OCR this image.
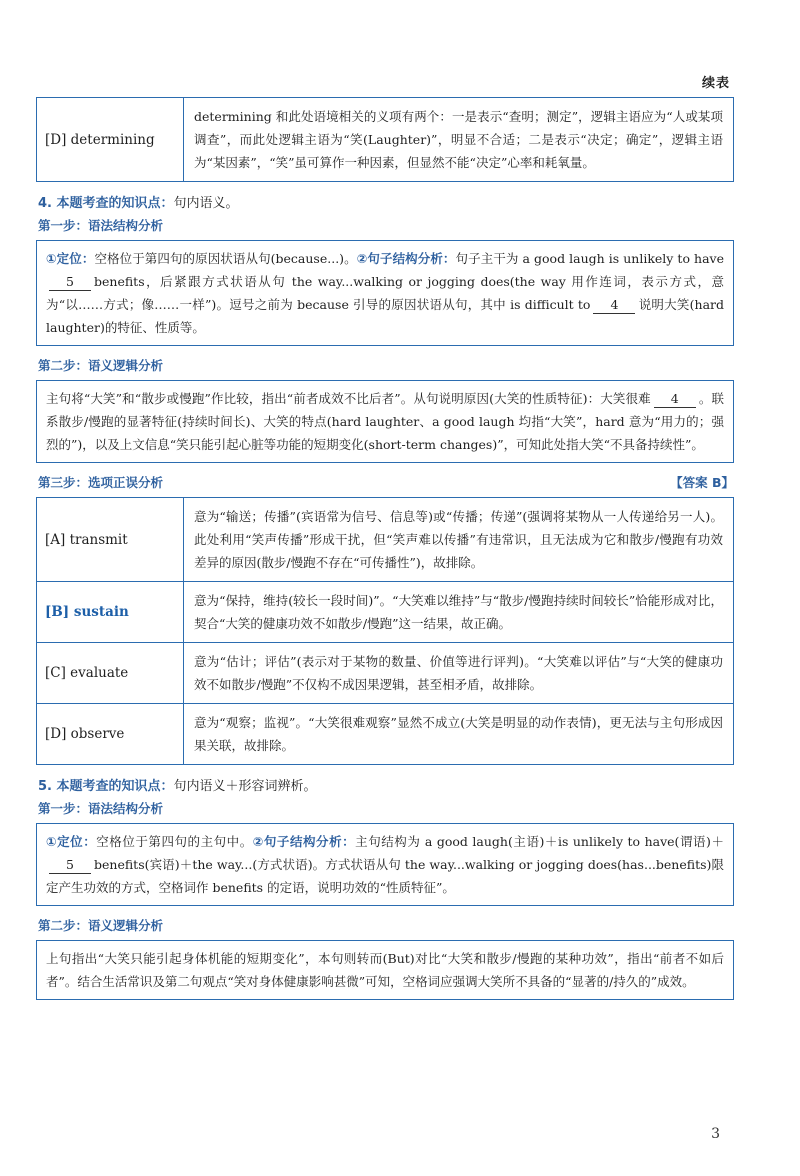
续表
[D] determining	determining 和此处语境相关的义项有两个：一是表示“查明；测定”，逻辑主语应为“人或某项调查”，而此处逻辑主语为“笑(Laughter)”，明显不合适；二是表示“决定；确定”，逻辑主语为“某因素”，“笑”虽可算作一种因素，但显然不能“决定”心率和耗氧量。
4. 本题考查的知识点：句内语义。
第一步：语法结构分析
①定位：空格位于第四句的原因状语从句(because...)。②句子结构分析：句子主干为 a good laugh is unlikely to have5 benefits，后紧跟方式状语从句 the way...walking or jogging does(the way 用作连词，表示方式，意为“以……方式；像……一样”)。逗号之前为 because 引导的原因状语从句，其中 is difficult to 4 说明大笑(hard laughter)的特征、性质等。
第二步：语义逻辑分析
主句将“大笑”和“散步或慢跑”作比较，指出“前者成效不比后者”。从句说明原因(大笑的性质特征)：大笑很难 4 。联系散步/慢跑的显著特征(持续时间长)、大笑的特点(hard laughter、a good laugh 均指“大笑”，hard 意为“用力的；强烈的”)，以及上文信息“笑只能引起心脏等功能的短期变化(short-term changes)”，可知此处指大笑“不具备持续性”。
第三步：选项正误分析	【答案 B】
[A] transmit	意为“输送；传播”(宾语常为信号、信息等)或“传播；传递”(强调将某物从一人传递给另一人)。此处利用“笑声传播”形成干扰，但“笑声难以传播”有违常识，且无法成为它和散步/慢跑有功效差异的原因(散步/慢跑不存在“可传播性”)，故排除。
[B] sustain	意为“保持，维持(较长一段时间)”。“大笑难以维持”与“散步/慢跑持续时间较长”恰能形成对比，契合“大笑的健康功效不如散步/慢跑”这一结果，故正确。
[C] evaluate	意为“估计；评估”(表示对于某物的数量、价值等进行评判)。“大笑难以评估”与“大笑的健康功效不如散步/慢跑”不仅构不成因果逻辑，甚至相矛盾，故排除。
[D] observe	意为“观察；监视”。“大笑很难观察”显然不成立(大笑是明显的动作表情)，更无法与主句形成因果关联，故排除。
5. 本题考查的知识点：句内语义＋形容词辨析。
第一步：语法结构分析
①定位：空格位于第四句的主句中。②句子结构分析：主句结构为 a good laugh(主语)＋is unlikely to have(谓语)＋5 benefits(宾语)＋the way...(方式状语)。方式状语从句 the way...walking or jogging does(has...benefits)限定产生功效的方式，空格词作 benefits 的定语，说明功效的“性质特征”。
第二步：语义逻辑分析
上句指出“大笑只能引起身体机能的短期变化”，本句则转而(But)对比“大笑和散步/慢跑的某种功效”，指出“前者不如后者”。结合生活常识及第二句观点“笑对身体健康影响甚微”可知，空格词应强调大笑所不具备的“显著的/持久的”成效。
3
